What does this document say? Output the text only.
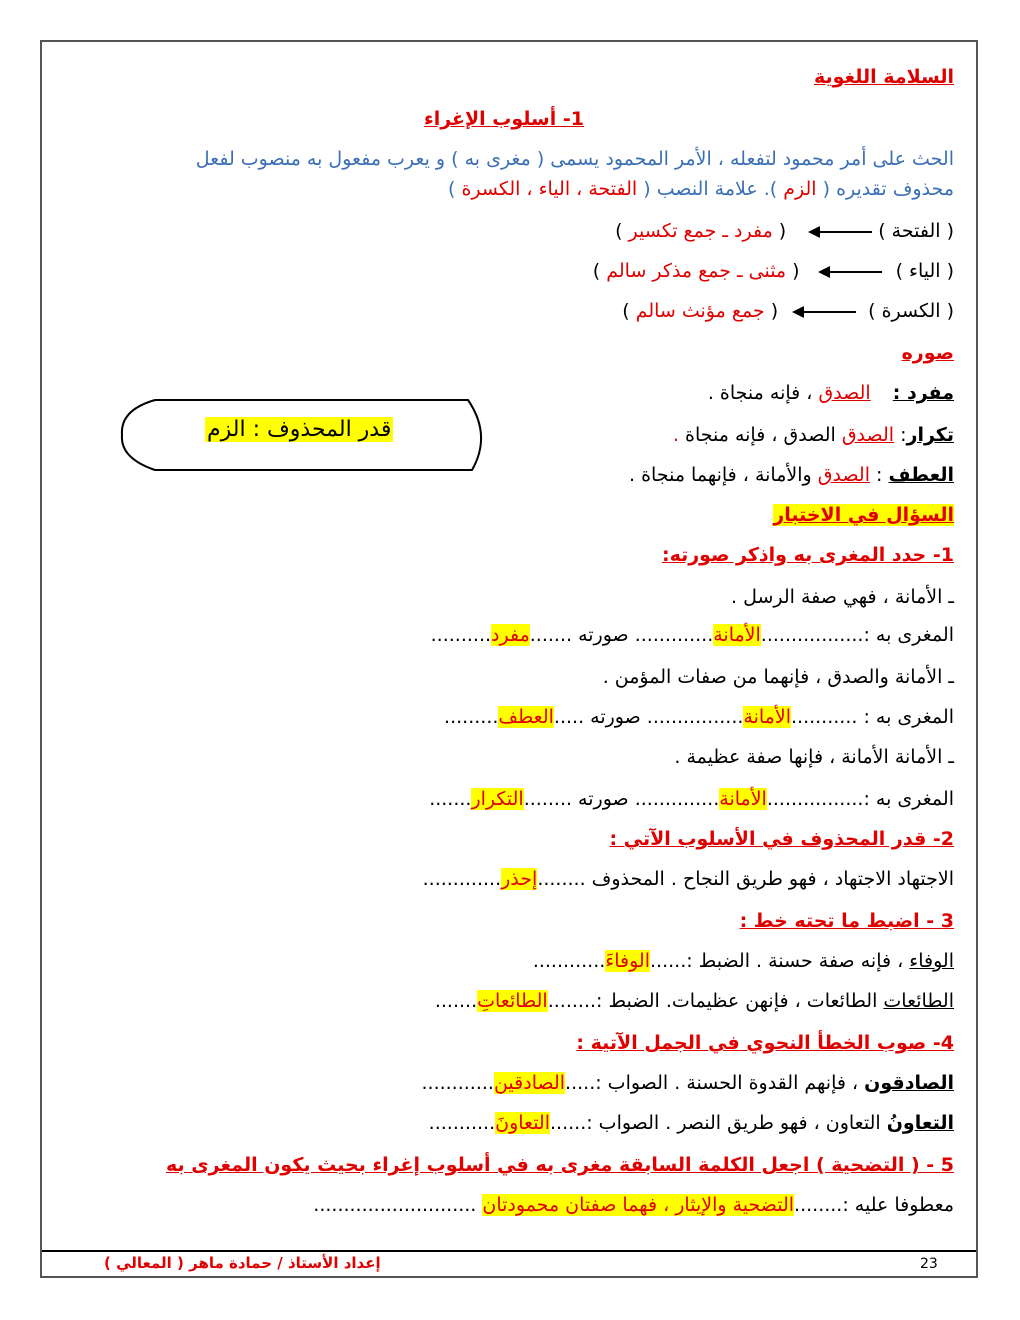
السلامة اللغوية
1- أسلوب الإغراء
الحث على أمر محمود لتفعله ، الأمر المحمود يسمى ( مغرى به ) و يعرب مفعول به منصوب لفعل
محذوف تقديره ( الزم ). علامة النصب ( الفتحة ، الياء ، الكسرة )
( الفتحة )( مفرد ـ جمع تكسير )
( الياء )( مثنى ـ جمع مذكر سالم )
( الكسرة )( جمع مؤنث سالم )
صوره
مفرد : الصدق ، فإنه منجاة .
تكرار: الصدق الصدق ، فإنه منجاة .
العطف : الصدق والأمانة ، فإنهما منجاة .
قدر المحذوف : الزم
السؤال في الاختبار
1- حدد المغرى به واذكر صورته:
ـ الأمانة ، فهي صفة الرسل .
المغرى به :.................الأمانة............. صورته .......مفرد..........
ـ الأمانة والصدق ، فإنهما من صفات المؤمن .
المغرى به : ...........الأمانة................ صورته .....العطف.........
ـ الأمانة الأمانة ، فإنها صفة عظيمة .
المغرى به :................الأمانة.............. صورته ........التكرار.......
2- قدر المحذوف في الأسلوب الآتي :
الاجتهاد الاجتهاد ، فهو طريق النجاح . المحذوف ........إحذر.............
3 - اضبط ما تحته خط :
الوفاء ، فإنه صفة حسنة . الضبط :......الوفاءَ............
الطائعات الطائعات ، فإنهن عظيمات. الضبط :........الطائعاتِ.......
4- صوب الخطأ النحوي في الجمل الآتية :
الصادقون ، فإنهم القدوة الحسنة . الصواب :.....الصادقين............
التعاونُ التعاون ، فهو طريق النصر . الصواب :......التعاونَ...........
5 - ( التضحية ) اجعل الكلمة السابقة مغرى به في أسلوب إغراء بحيث يكون المغرى به
معطوفا عليه :........التضحية والإيثار ، فهما صفتان محمودتان ...........................
إعداد الأستاذ / حمادة ماهر ( المعالي )	23
